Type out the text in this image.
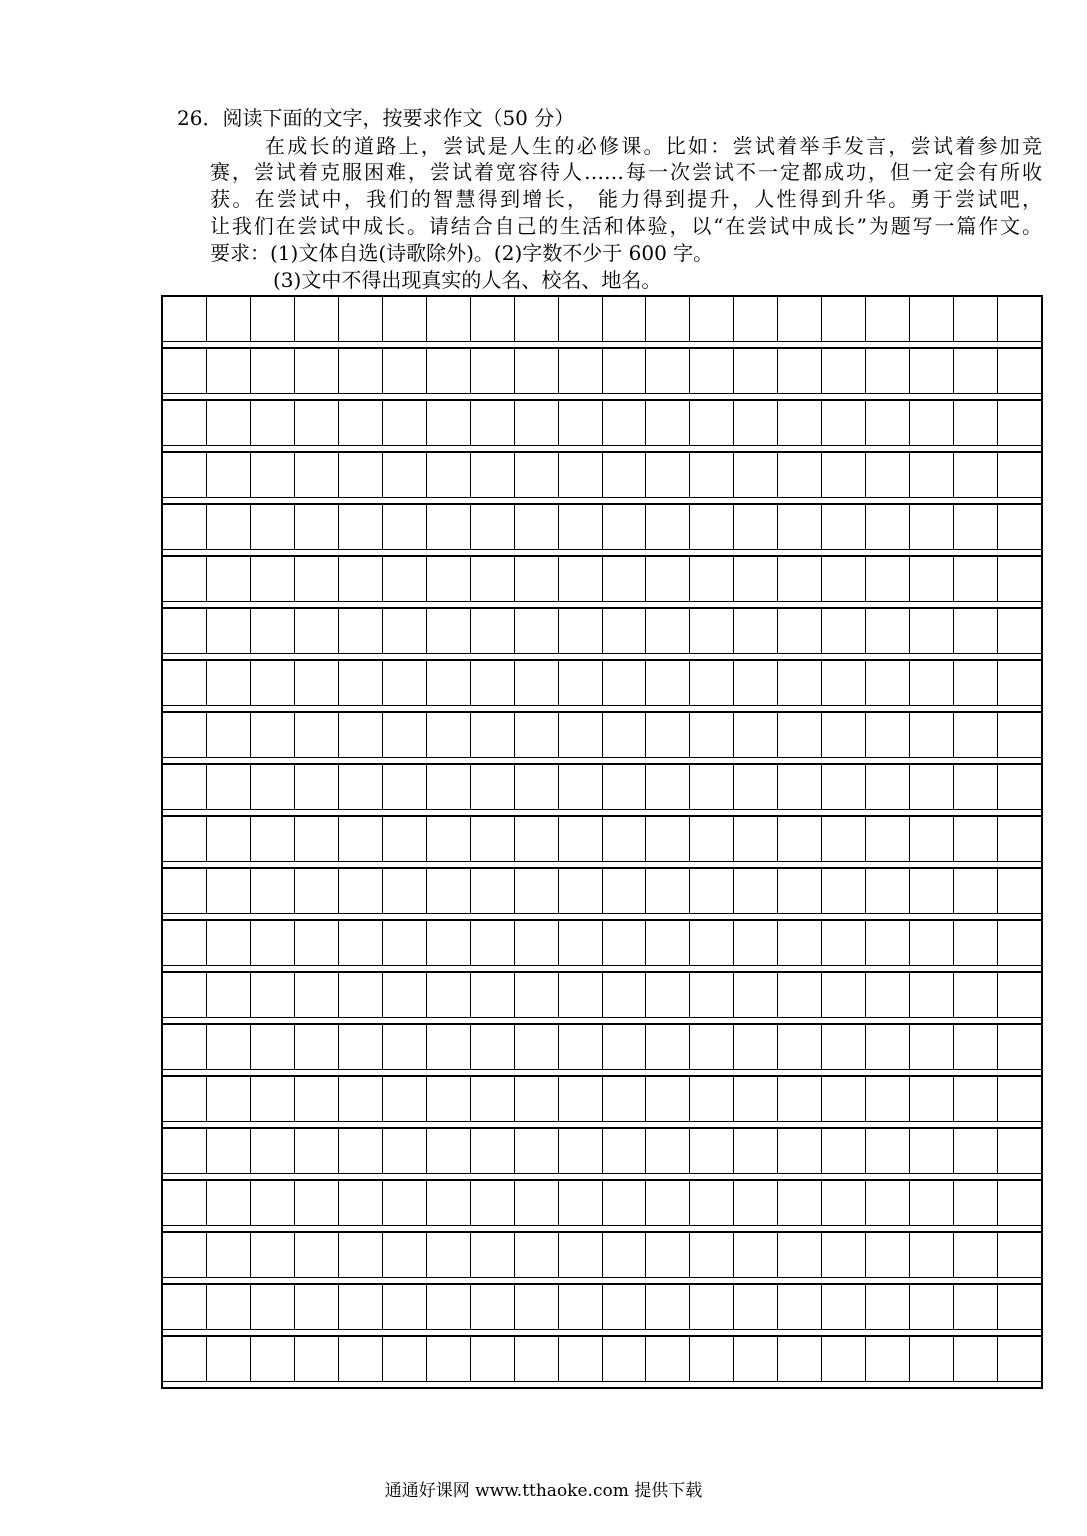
26．阅读下面的文字，按要求作文（50 分）
在成长的道路上，尝试是人生的必修课。比如：尝试着举手发言，尝试着参加竞
赛，尝试着克服困难，尝试着宽容待人……每一次尝试不一定都成功，但一定会有所收
获。在尝试中，我们的智慧得到增长， 能力得到提升，人性得到升华。勇于尝试吧，
让我们在尝试中成长。请结合自己的生活和体验，以“在尝试中成长”为题写一篇作文。
要求：(1)文体自选(诗歌除外)。(2)字数不少于 600 字。
(3)文中不得出现真实的人名、校名、地名。
通通好课网 www.tthaoke.com 提供下载
